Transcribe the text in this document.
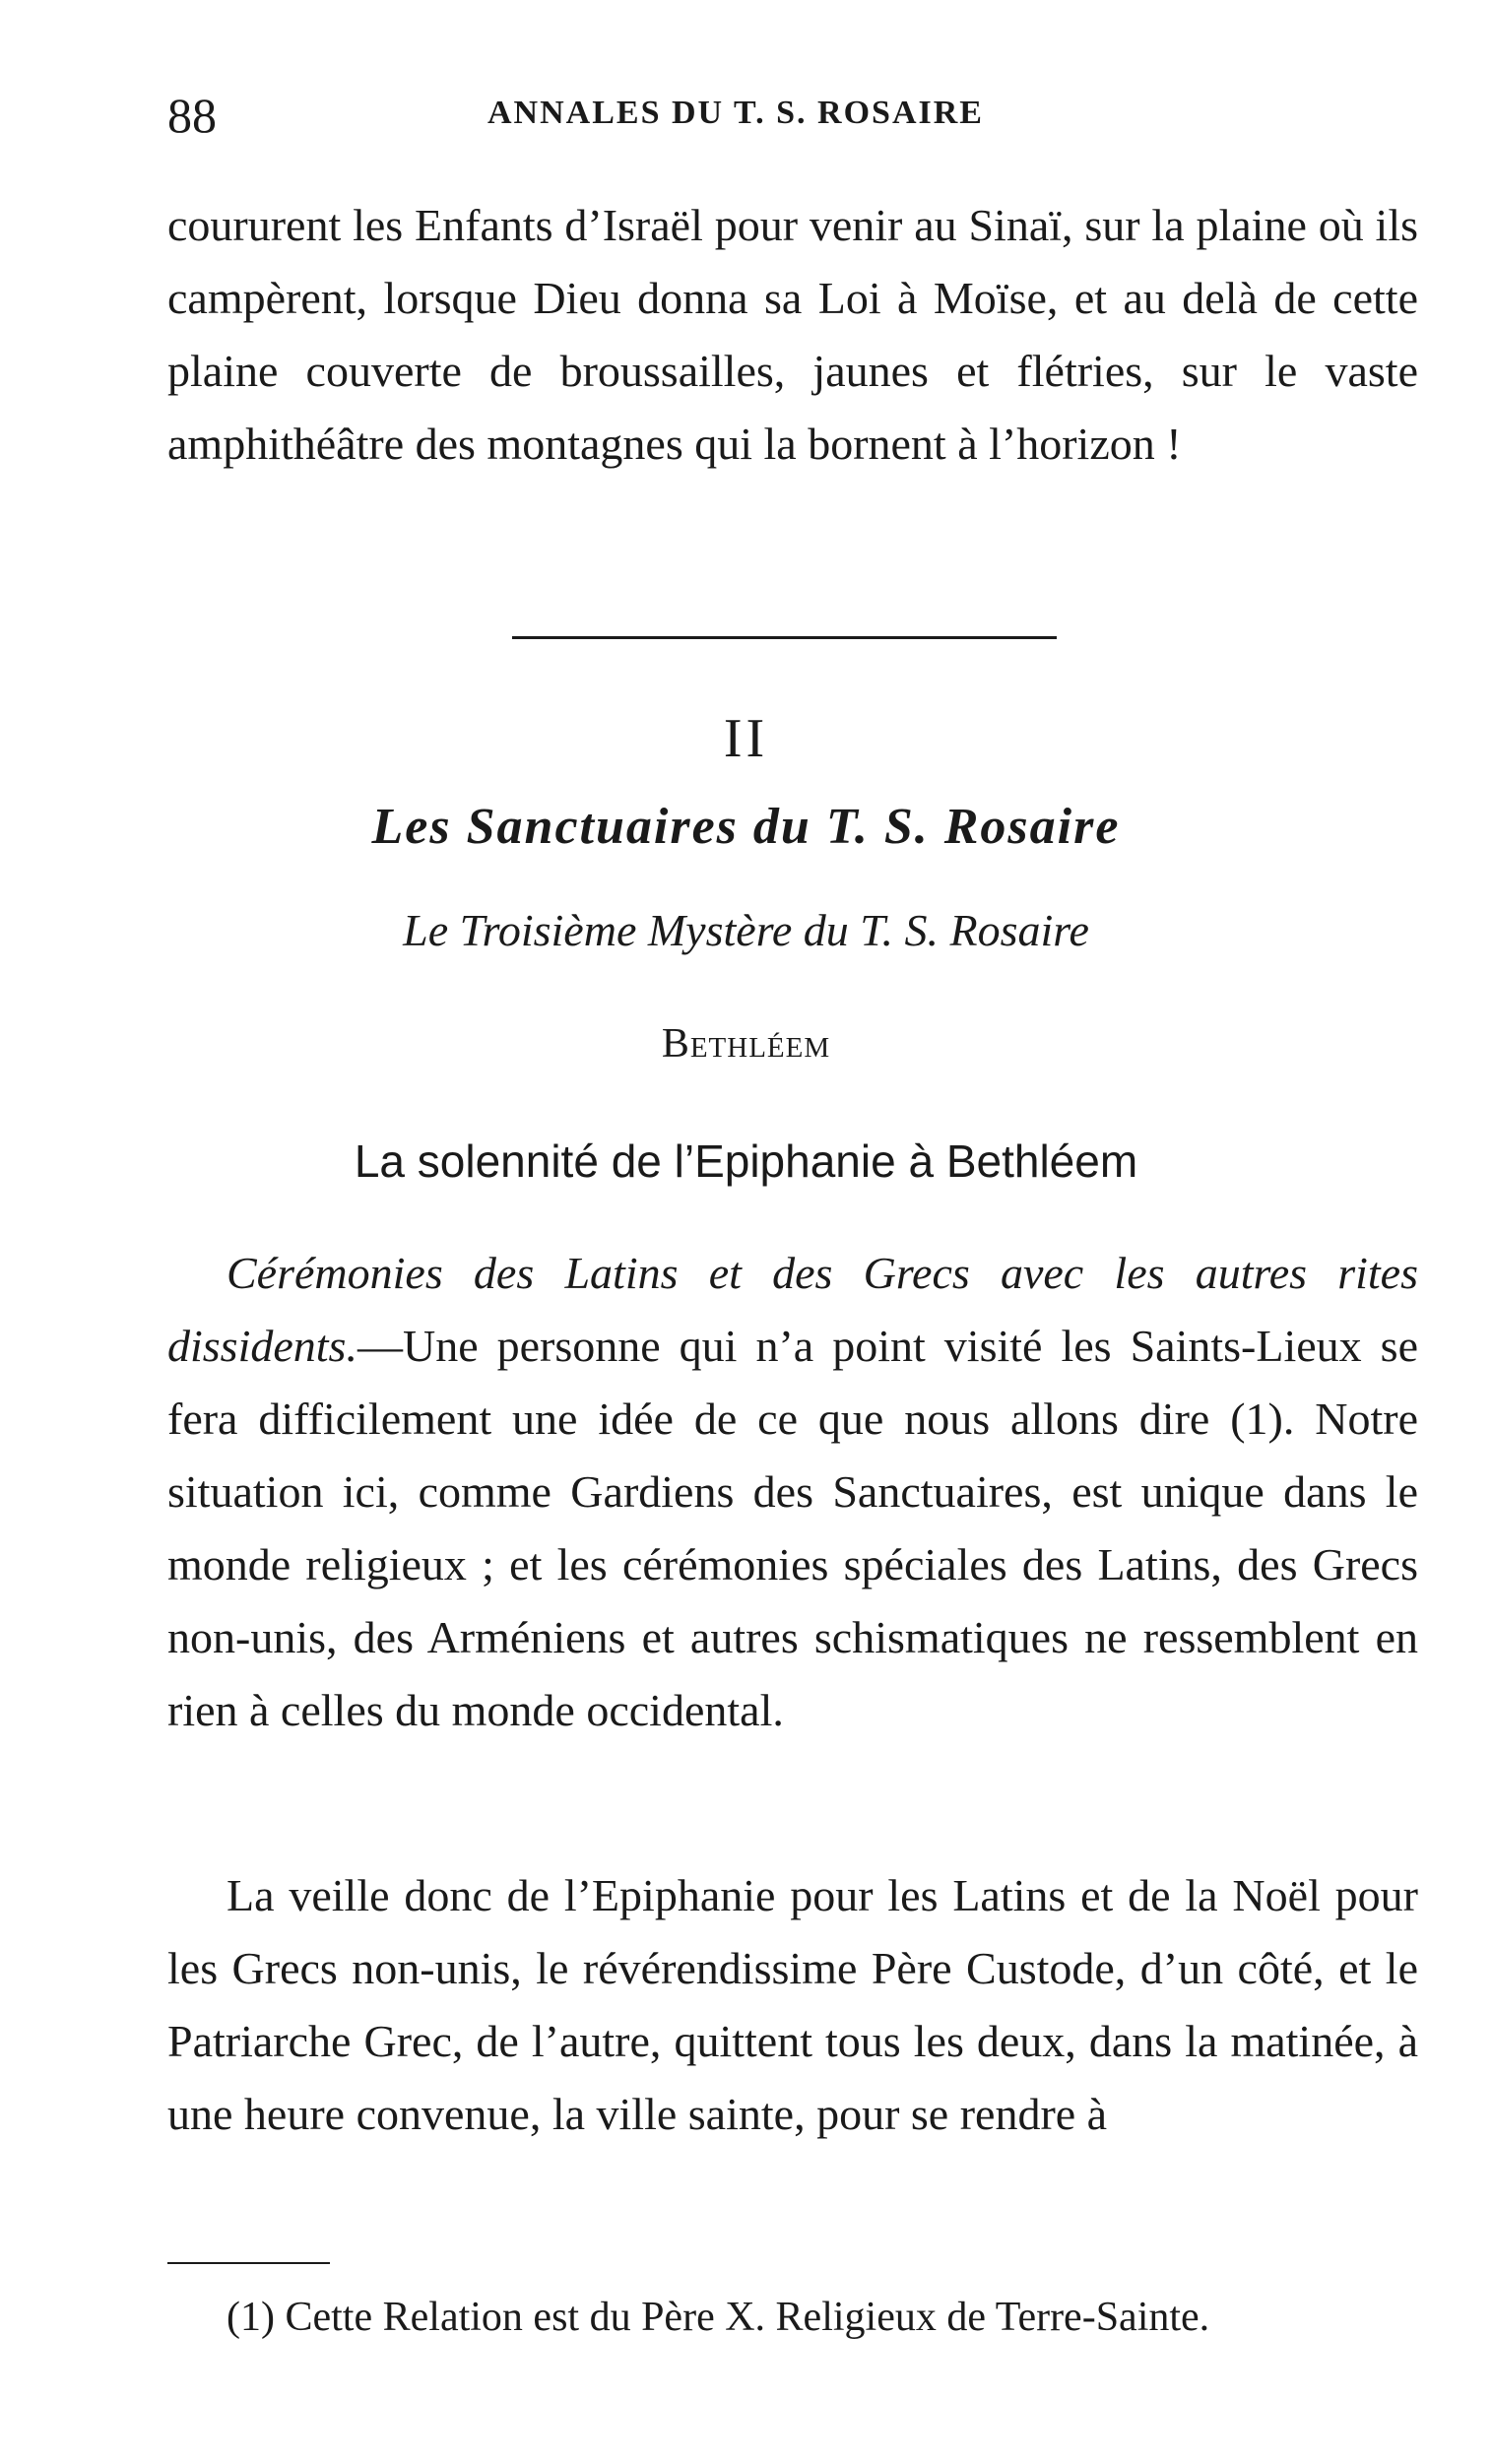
88	ANNALES DU T. S. ROSAIRE
coururent les Enfants d’Israël pour venir au Sinaï, sur la plaine où ils campèrent, lorsque Dieu donna sa Loi à Moïse, et au delà de cette plaine couverte de broussailles, jaunes et flétries, sur le vaste amphithéâtre des montagnes qui la bornent à l’horizon !
II
Les Sanctuaires du T. S. Rosaire
Le Troisième Mystère du T. S. Rosaire
Bethléem
La solennité de l’Epiphanie à Bethléem
Cérémonies des Latins et des Grecs avec les autres rites dissidents.—Une personne qui n’a point visité les Saints-Lieux se fera difficilement une idée de ce que nous allons dire (1). Notre situation ici, comme Gardiens des Sanctuaires, est unique dans le monde religieux ; et les cérémonies spéciales des Latins, des Grecs non-unis, des Arméniens et autres schismatiques ne ressemblent en rien à celles du monde occidental.
La veille donc de l’Epiphanie pour les Latins et de la Noël pour les Grecs non-unis, le révérendissime Père Custode, d’un côté, et le Patriarche Grec, de l’autre, quittent tous les deux, dans la matinée, à une heure convenue, la ville sainte, pour se rendre à
(1) Cette Relation est du Père X. Religieux de Terre-Sainte.
